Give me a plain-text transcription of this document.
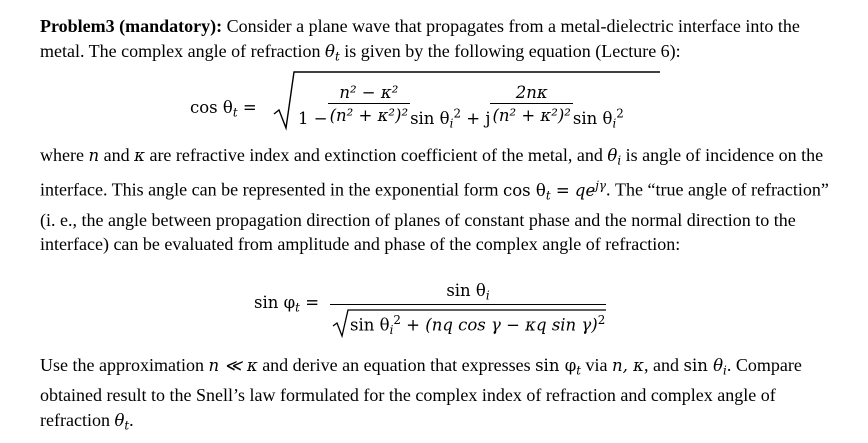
Problem3 (mandatory): Consider a plane wave that propagates from a metal-dielectric interface into the metal. The complex angle of refraction $\theta_t$ is given by the following equation (Lecture 6):
$\cos \theta_t$ =
$1 - \frac{\text{n² − κ²}}{\text{(n² + κ²)²}}$ $\sin \theta_i^2 + j \frac{2n\kappa}{\text{(n² + κ²)²}}$ $\sin \theta_i^2$
where n and κ are refractive index and extinction coefficient of the metal, and $\theta_i$ is angle of incidence on the interface. This angle can be represented in the exponential form $\cos \theta_t = qe^{j\gamma}$. The “true angle of refraction” (i. e., the angle between propagation direction of planes of constant phase and the normal direction to the interface) can be evaluated from amplitude and phase of the complex angle of refraction:
$\sin \varphi_t$ =
$\sin \theta_i$
$\sin \theta_i^2 + (nq$ cos γ − κq sin γ)$^2$
Use the approximation n ≪ κ and derive an equation that expresses $\sin \varphi_t$ via n, κ, and $\sin \theta_i$. Compare obtained result to the Snell’s law formulated for the complex index of refraction and complex angle of refraction $\theta_t$.
